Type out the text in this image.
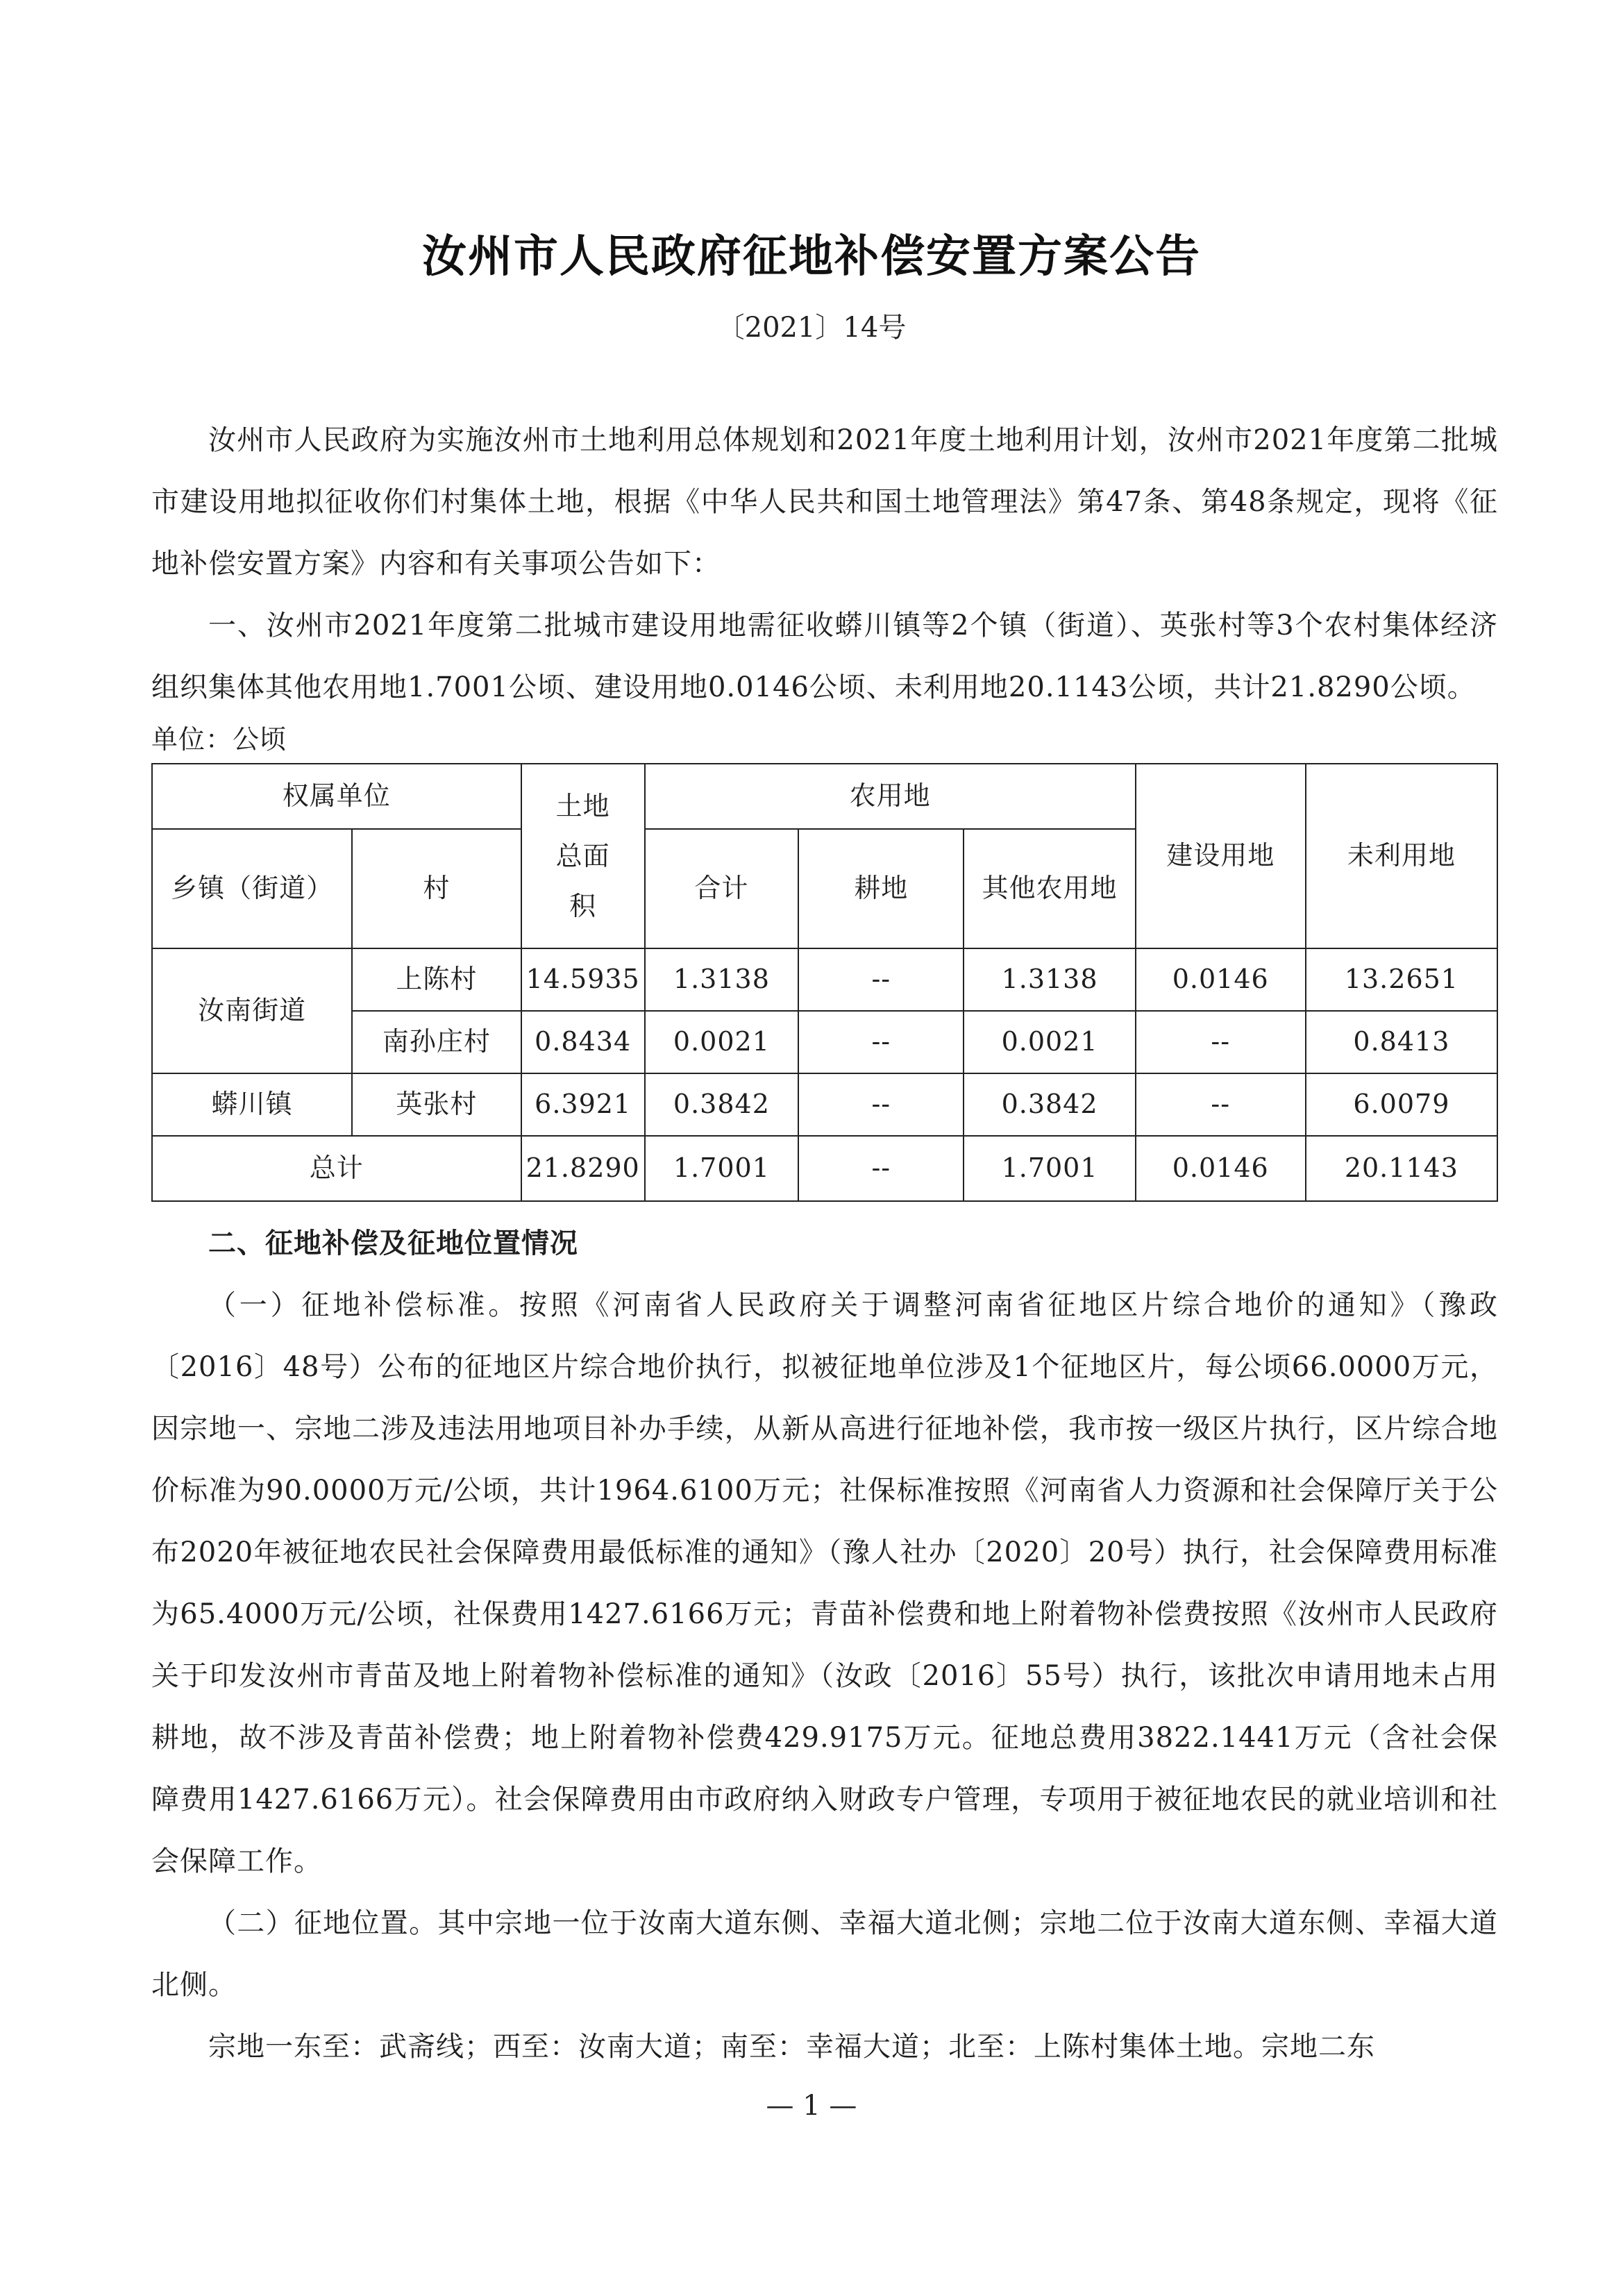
汝州市人民政府征地补偿安置方案公告
〔2021〕14号

汝州市人民政府为实施汝州市土地利用总体规划和2021年度土地利用计划，汝州市2021年度第二批城市建设用地拟征收你们村集体土地，根据《中华人民共和国土地管理法》第47条、第48条规定，现将《征地补偿安置方案》内容和有关事项公告如下：

一、汝州市2021年度第二批城市建设用地需征收蟒川镇等2个镇（街道）、英张村等3个农村集体经济组织集体其他农用地1.7001公顷、建设用地0.0146公顷、未利用地20.1143公顷，共计21.8290公顷。

单位：公顷

权属单位		土地总面积	农用地			建设用地	未利用地
乡镇（街道）	村		合计	耕地	其他农用地		
汝南街道	上陈村	14.5935	1.3138	--	1.3138	0.0146	13.2651
	南孙庄村	0.8434	0.0021	--	0.0021	--	0.8413
蟒川镇	英张村	6.3921	0.3842	--	0.3842	--	6.0079
总计		21.8290	1.7001	--	1.7001	0.0146	20.1143

二、征地补偿及征地位置情况

（一）征地补偿标准。按照《河南省人民政府关于调整河南省征地区片综合地价的通知》（豫政〔2016〕48号）公布的征地区片综合地价执行，拟被征地单位涉及1个征地区片，每公顷66.0000万元，因宗地一、宗地二涉及违法用地项目补办手续，从新从高进行征地补偿，我市按一级区片执行，区片综合地价标准为90.0000万元/公顷，共计1964.6100万元；社保标准按照《河南省人力资源和社会保障厅关于公布2020年被征地农民社会保障费用最低标准的通知》（豫人社办〔2020〕20号）执行，社会保障费用标准为65.4000万元/公顷，社保费用1427.6166万元；青苗补偿费和地上附着物补偿费按照《汝州市人民政府关于印发汝州市青苗及地上附着物补偿标准的通知》（汝政〔2016〕55号）执行，该批次申请用地未占用耕地，故不涉及青苗补偿费；地上附着物补偿费429.9175万元。征地总费用3822.1441万元（含社会保障费用1427.6166万元）。社会保障费用由市政府纳入财政专户管理，专项用于被征地农民的就业培训和社会保障工作。

（二）征地位置。其中宗地一位于汝南大道东侧、幸福大道北侧；宗地二位于汝南大道东侧、幸福大道北侧。

宗地一东至：武斋线；西至：汝南大道；南至：幸福大道；北至：上陈村集体土地。宗地二东

— 1 —
